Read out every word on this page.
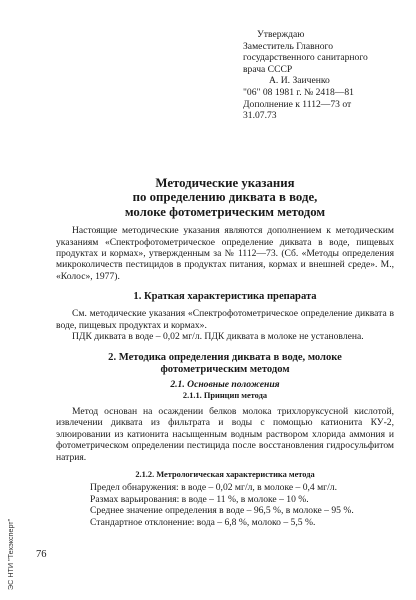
Утверждаю
Заместитель Главного
государственного санитарного
врача СССР
А. И. Заиченко
"06" 08 1981 г. № 2418—81
Дополнение к 1112—73 от
31.07.73
Методические указания
по определению диквата в воде,
молоке фотометрическим методом

Настоящие методические указания являются дополнением к методическим указаниям «Спектрофотометрическое определение диквата в воде, пищевых продуктах и кормах», утвержденным за № 1112—73. (Сб. «Методы определения микроколичеств пестицидов в продуктах питания, кормах и внешней среде». М., «Колос», 1977).

1. Краткая характеристика препарата

См. методические указания «Спектрофотометрическое определение диквата в воде, пищевых продуктах и кормах».

ПДК диквата в воде – 0,02 мг/л. ПДК диквата в молоке не установлена.

2. Методика определения диквата в воде, молоке
фотометрическим методом
2.1. Основные положения
2.1.1. Принцип метода

Метод основан на осаждении белков молока трихлоруксусной кислотой, извлечении диквата из фильтрата и воды с помощью катионита КУ-2, элюировании из катионита насыщенным водным раствором хлорида аммония и фотометрическом определении пестицида после восстановления гидросульфитом натрия.

2.1.2. Метрологическая характеристика метода
Предел обнаружения: в воде – 0,02 мг/л, в молоке – 0,4 мг/л.
Размах варьирования: в воде – 11 %, в молоке – 10 %.
Среднее значение определения в воде – 96,5 %, в молоке – 95 %.
Стандартное отклонение: вода – 6,8 %, молоко – 5,5 %.
76
ЭС НТИ "Техэксперт"
